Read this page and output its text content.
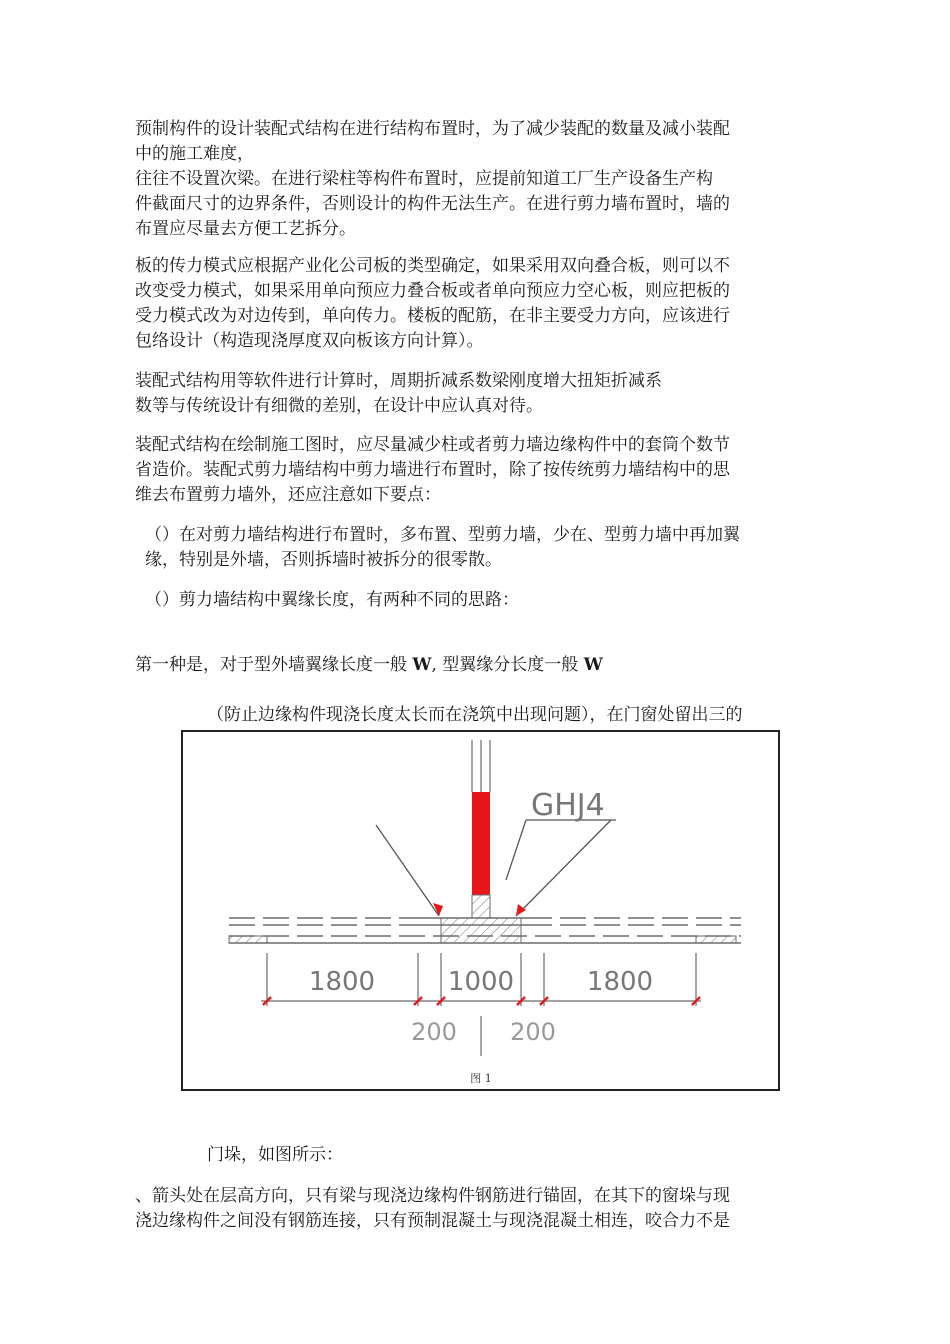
预制构件的设计装配式结构在进行结构布置时，为了减少装配的数量及减小装配
中的施工难度，
往往不设置次梁。在进行梁柱等构件布置时，应提前知道工厂生产设备生产构
件截面尺寸的边界条件，否则设计的构件无法生产。在进行剪力墙布置时，墙的
布置应尽量去方便工艺拆分。

板的传力模式应根据产业化公司板的类型确定，如果采用双向叠合板，则可以不
改变受力模式，如果采用单向预应力叠合板或者单向预应力空心板，则应把板的
受力模式改为对边传到，单向传力。楼板的配筋，在非主要受力方向，应该进行
包络设计（构造现浇厚度双向板该方向计算）。

装配式结构用等软件进行计算时，周期折减系数梁刚度增大扭矩折减系
数等与传统设计有细微的差别，在设计中应认真对待。

装配式结构在绘制施工图时，应尽量减少柱或者剪力墙边缘构件中的套筒个数节
省造价。装配式剪力墙结构中剪力墙进行布置时，除了按传统剪力墙结构中的思
维去布置剪力墙外，还应注意如下要点：

（）在对剪力墙结构进行布置时，多布置、型剪力墙，少在、型剪力墙中再加翼
缘，特别是外墙，否则拆墙时被拆分的很零散。

（）剪力墙结构中翼缘长度，有两种不同的思路：

第一种是，对于型外墙翼缘长度一般 W, 型翼缘分长度一般 W

（防止边缘构件现浇长度太长而在浇筑中出现问题），在门窗处留出三的

GHJ4
1800	1000	1800
200 200
图 1

门垛，如图所示：

、箭头处在层高方向，只有梁与现浇边缘构件钢筋进行锚固，在其下的窗垛与现
浇边缘构件之间没有钢筋连接，只有预制混凝土与现浇混凝土相连，咬合力不是
